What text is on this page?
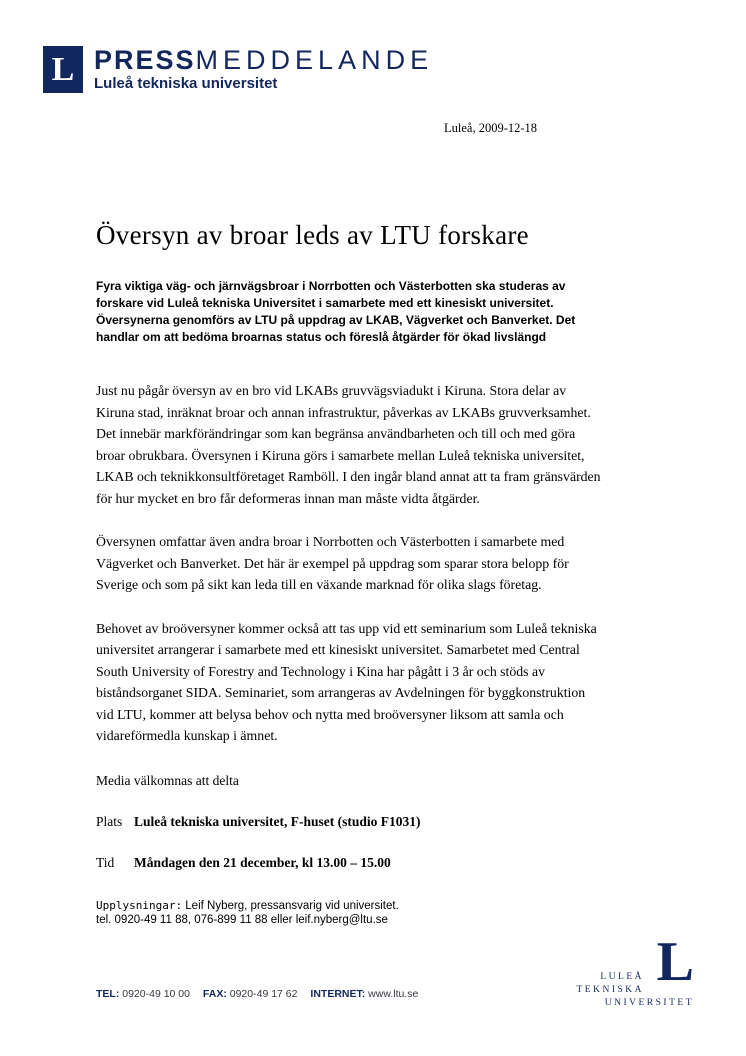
L PRESSMEDDELANDE
Luleå tekniska universitet
Luleå, 2009-12-18
Översyn av broar leds av LTU forskare

Fyra viktiga väg- och järnvägsbroar i Norrbotten och Västerbotten ska studeras av forskare vid Luleå tekniska Universitet i samarbete med ett kinesiskt universitet. Översynerna genomförs av LTU på uppdrag av LKAB, Vägverket och Banverket. Det handlar om att bedöma broarnas status och föreslå åtgärder för ökad livslängd

Just nu pågår översyn av en bro vid LKABs gruvvägsviadukt i Kiruna. Stora delar av Kiruna stad, inräknat broar och annan infrastruktur, påverkas av LKABs gruvverksamhet. Det innebär markförändringar som kan begränsa användbarheten och till och med göra broar obrukbara. Översynen i Kiruna görs i samarbete mellan Luleå tekniska universitet, LKAB och teknikkonsultföretaget Ramböll. I den ingår bland annat att ta fram gränsvärden för hur mycket en bro får deformeras innan man måste vidta åtgärder.

Översynen omfattar även andra broar i Norrbotten och Västerbotten i samarbete med Vägverket och Banverket. Det här är exempel på uppdrag som sparar stora belopp för Sverige och som på sikt kan leda till en växande marknad för olika slags företag.

Behovet av broöversyner kommer också att tas upp vid ett seminarium som Luleå tekniska universitet arrangerar i samarbete med ett kinesiskt universitet. Samarbetet med Central South University of Forestry and Technology i Kina har pågått i 3 år och stöds av biståndsorganet SIDA. Seminariet, som arrangeras av Avdelningen för byggkonstruktion vid LTU, kommer att belysa behov och nytta med broöversyner liksom att samla och vidareförmedla kunskap i ämnet.

Media välkomnas att delta

Plats Luleå tekniska universitet, F-huset (studio F1031)
Tid	Måndagen den 21 december, kl 13.00 – 15.00
Upplysningar: Leif Nyberg, pressansvarig vid universitet.
tel. 0920-49 11 88, 076-899 11 88 eller leif.nyberg@ltu.se
TEL: 0920-49 10 00 FAX: 0920-49 17 62 INTERNET: www.ltu.se
L
LULEÅ
TEKNISKA
UNIVERSITET
